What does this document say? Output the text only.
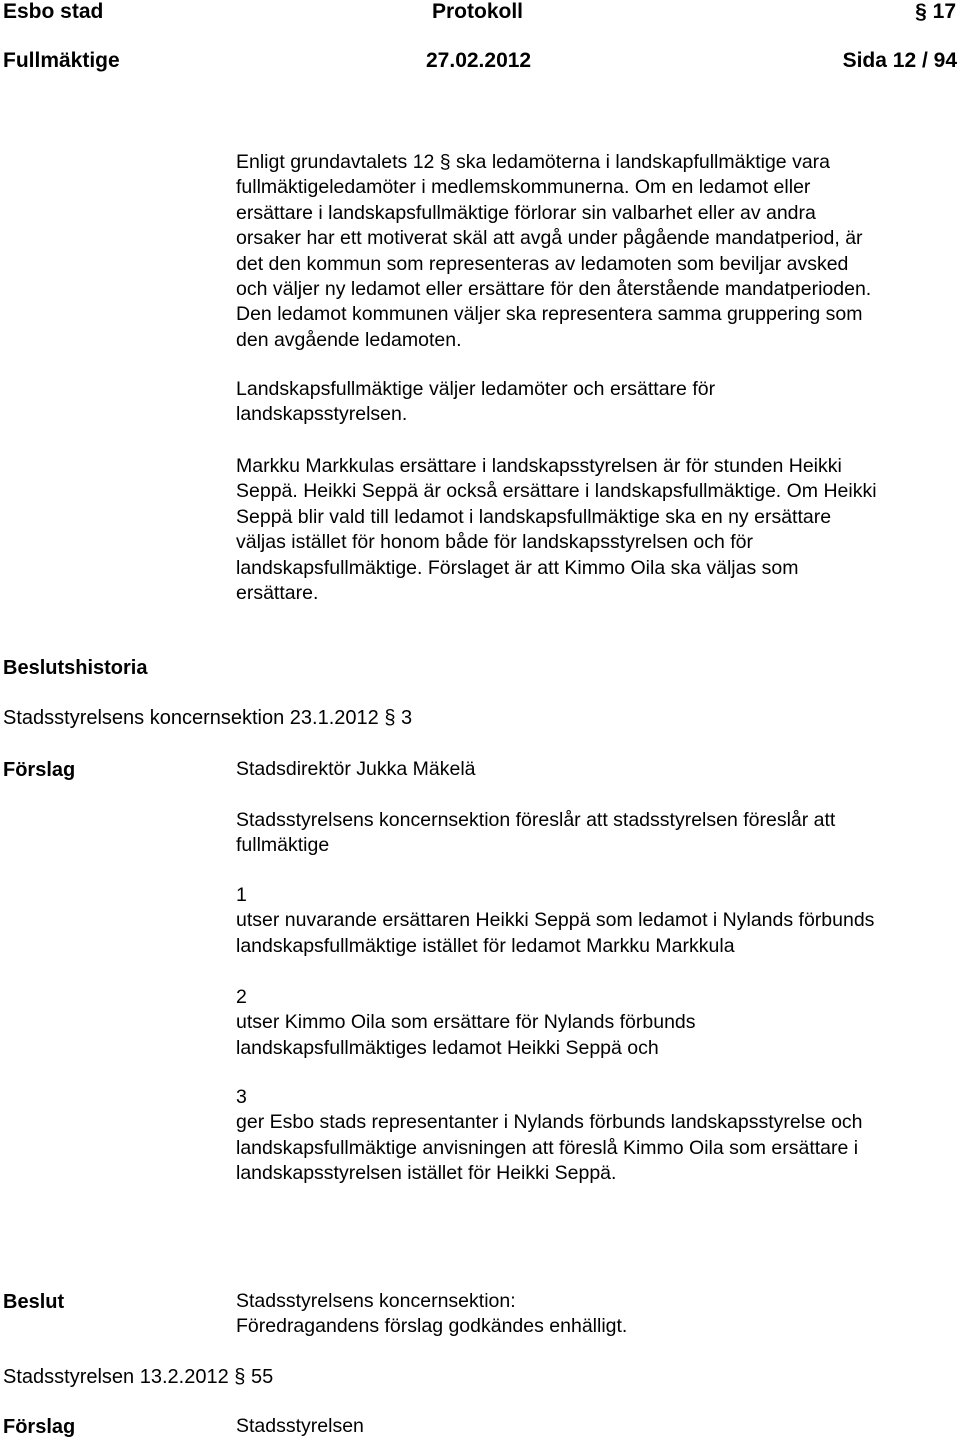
Esbo stad	Protokoll	§ 17
Fullmäktige	27.02.2012	Sida 12 / 94
Enligt grundavtalets 12 § ska ledamöterna i landskapfullmäktige vara
fullmäktigeledamöter i medlemskommunerna. Om en ledamot eller
ersättare i landskapsfullmäktige förlorar sin valbarhet eller av andra
orsaker har ett motiverat skäl att avgå under pågående mandatperiod, är
det den kommun som representeras av ledamoten som beviljar avsked
och väljer ny ledamot eller ersättare för den återstående mandatperioden.
Den ledamot kommunen väljer ska representera samma gruppering som
den avgående ledamoten.
Landskapsfullmäktige väljer ledamöter och ersättare för
landskapsstyrelsen.
Markku Markkulas ersättare i landskapsstyrelsen är för stunden Heikki
Seppä. Heikki Seppä är också ersättare i landskapsfullmäktige. Om Heikki
Seppä blir vald till ledamot i landskapsfullmäktige ska en ny ersättare
väljas istället för honom både för landskapsstyrelsen och för
landskapsfullmäktige. Förslaget är att Kimmo Oila ska väljas som
ersättare.
Beslutshistoria
Stadsstyrelsens koncernsektion 23.1.2012 § 3
Förslag	Stadsdirektör Jukka Mäkelä
Stadsstyrelsens koncernsektion föreslår att stadsstyrelsen föreslår att
fullmäktige
1
utser nuvarande ersättaren Heikki Seppä som ledamot i Nylands förbunds
landskapsfullmäktige istället för ledamot Markku Markkula
2
utser Kimmo Oila som ersättare för Nylands förbunds
landskapsfullmäktiges ledamot Heikki Seppä och
3
ger Esbo stads representanter i Nylands förbunds landskapsstyrelse och
landskapsfullmäktige anvisningen att föreslå Kimmo Oila som ersättare i
landskapsstyrelsen istället för Heikki Seppä.
Beslut	Stadsstyrelsens koncernsektion:
Föredragandens förslag godkändes enhälligt.
Stadsstyrelsen 13.2.2012 § 55
Förslag	Stadsstyrelsen
